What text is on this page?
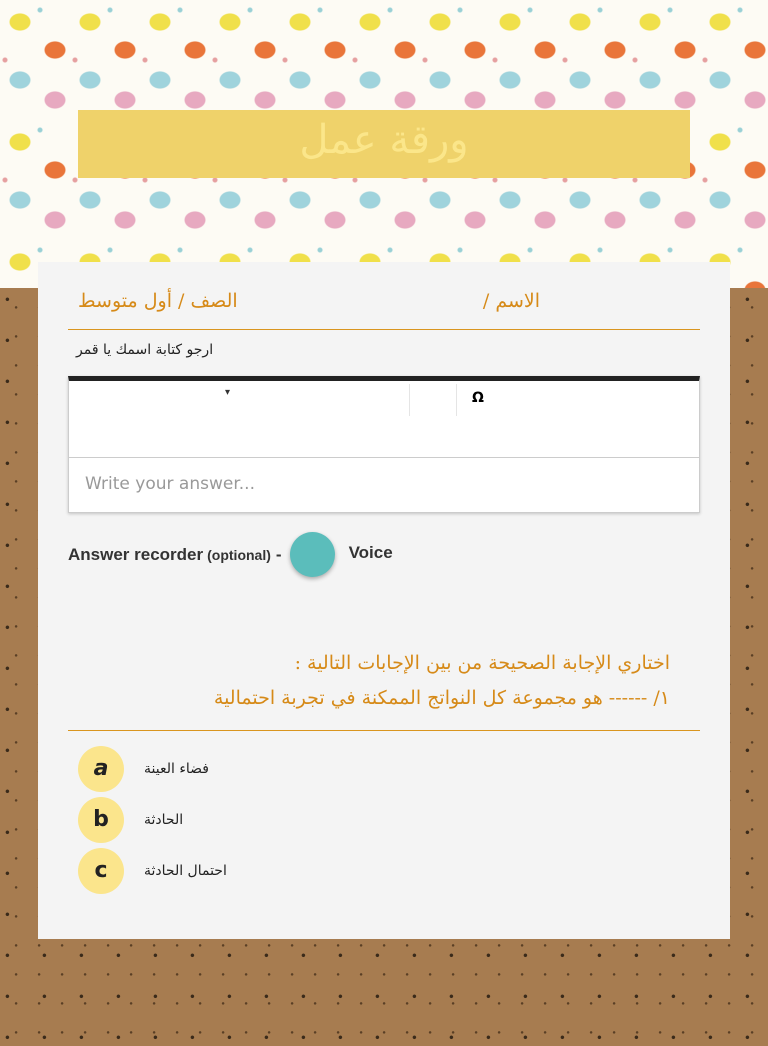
ورقة عمل
الاسم /
الصف / أول متوسط
ارجو كتابة اسمك يا قمر
▾	Ω
Write your answer...
Answer recorder (optional) -	Voice
اختاري الإجابة الصحيحة من بين الإجابات التالية :
١/ ------ هو مجموعة كل النواتج الممكنة في تجربة احتمالية
a	فضاء العينة
b	الحادثة
c	احتمال الحادثة
